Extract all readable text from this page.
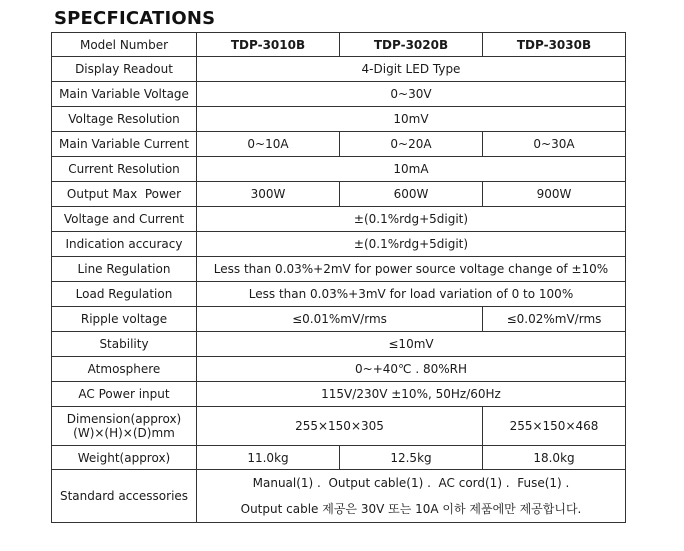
SPECFICATIONS
Model Number	TDP-3010B	TDP-3020B	TDP-3030B
Display Readout	4-Digit LED Type		
Main Variable Voltage	0~30V		
Voltage Resolution	10mV		
Main Variable Current	0~10A	0~20A	0~30A
Current Resolution	10mA		
Output Max  Power	300W	600W	900W
Voltage and Current	±(0.1%rdg+5digit)		
Indication accuracy	±(0.1%rdg+5digit)		
Line Regulation	Less than 0.03%+2mV for power source voltage change of ±10%		
Load Regulation	Less than 0.03%+3mV for load variation of 0 to 100%		
Ripple voltage	≤0.01%mV/rms		≤0.02%mV/rms
Stability	≤10mV		
Atmosphere	0~+40℃ . 80%RH		
AC Power input	115V/230V ±10%, 50Hz/60Hz		

Dimension(approx)
(W)×(H)×(D)mm	255×150×305		255×150×468
Weight(approx)	11.0kg	12.5kg	18.0kg
Standard accessories	Manual(1) .  Output cable(1) .  AC cord(1) .  Fuse(1) .
Output cable 제공은 30V 또는 10A 이하 제품에만 제공합니다.		
